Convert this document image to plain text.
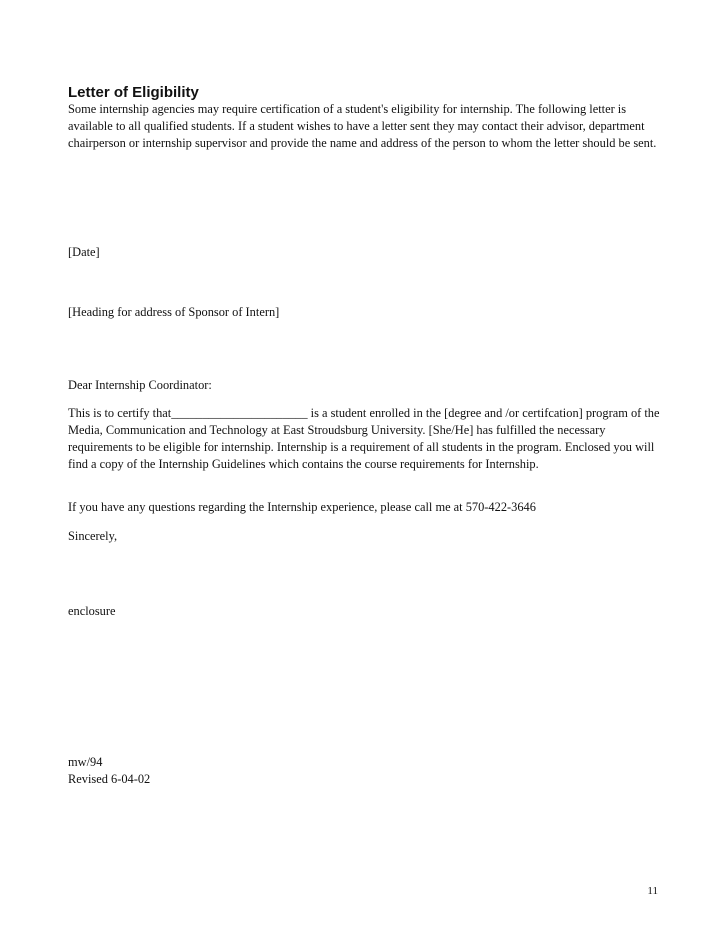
Letter of Eligibility

Some internship agencies may require certification of a student's eligibility for internship. The following letter is available to all qualified students. If a student wishes to have a letter sent they may contact their advisor, department chairperson or internship supervisor and provide the name and address of the person to whom the letter should be sent.

[Date]

[Heading for address of Sponsor of Intern]

Dear Internship Coordinator:

This is to certify that______________________ is a student enrolled in the [degree and /or certifcation] program of the Media, Communication and Technology at East Stroudsburg University. [She/He] has fulfilled the necessary requirements to be eligible for internship. Internship is a requirement of all students in the program. Enclosed you will find a copy of the Internship Guidelines which contains the course requirements for Internship.

If you have any questions regarding the Internship experience, please call me at 570-422-3646

Sincerely,

enclosure

mw/94

Revised 6-04-02

11
